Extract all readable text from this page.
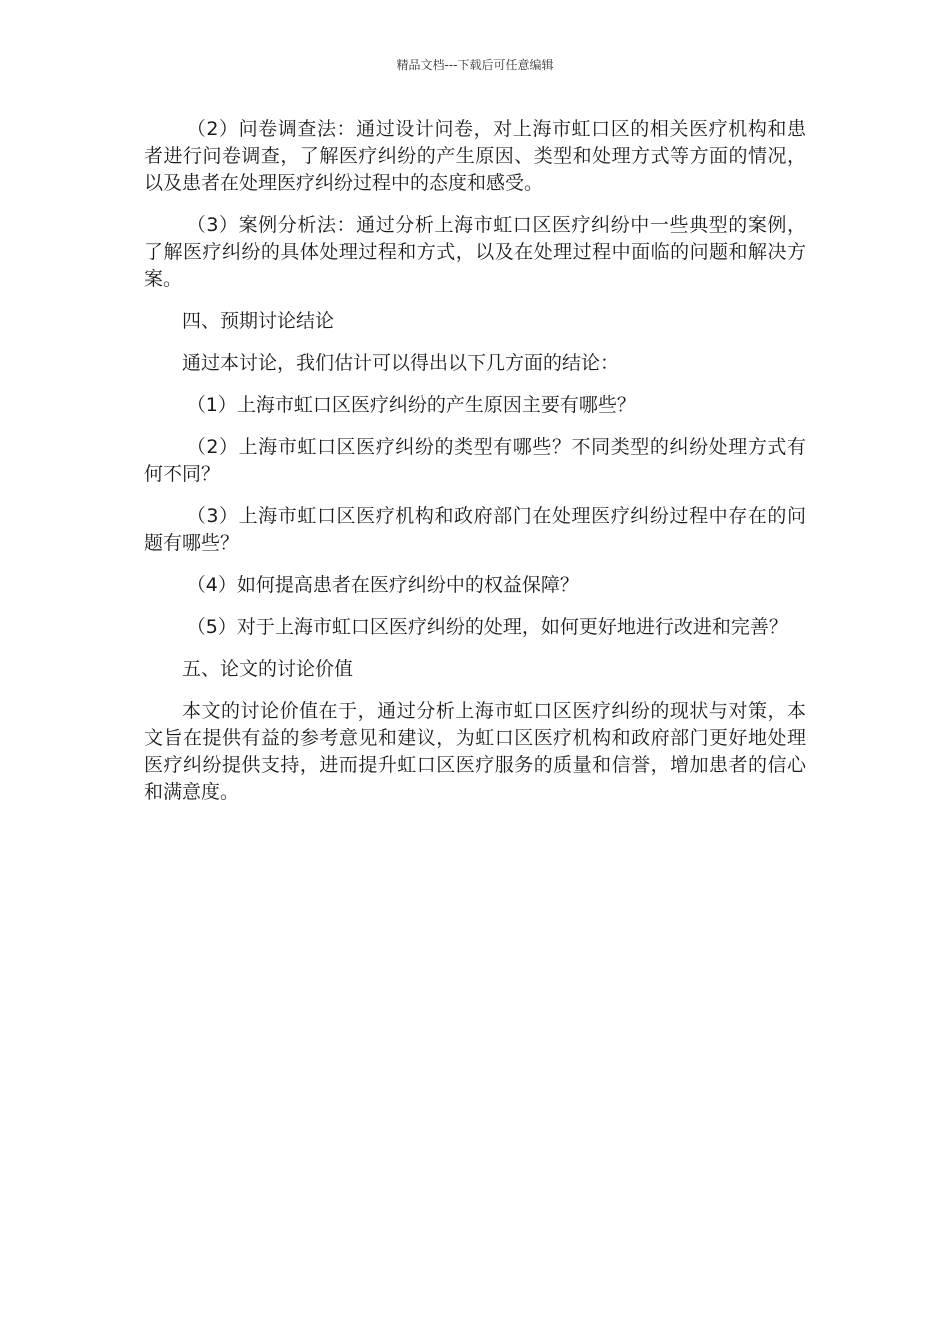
精品文档---下载后可任意编辑

（2）问卷调查法：通过设计问卷，对上海市虹口区的相关医疗机构和患者进行问卷调查，了解医疗纠纷的产生原因、类型和处理方式等方面的情况，以及患者在处理医疗纠纷过程中的态度和感受。

（3）案例分析法：通过分析上海市虹口区医疗纠纷中一些典型的案例，了解医疗纠纷的具体处理过程和方式，以及在处理过程中面临的问题和解决方案。

四、预期讨论结论

通过本讨论，我们估计可以得出以下几方面的结论：

（1）上海市虹口区医疗纠纷的产生原因主要有哪些？

（2）上海市虹口区医疗纠纷的类型有哪些？不同类型的纠纷处理方式有何不同？

（3）上海市虹口区医疗机构和政府部门在处理医疗纠纷过程中存在的问题有哪些？

（4）如何提高患者在医疗纠纷中的权益保障？

（5）对于上海市虹口区医疗纠纷的处理，如何更好地进行改进和完善？

五、论文的讨论价值

本文的讨论价值在于，通过分析上海市虹口区医疗纠纷的现状与对策，本文旨在提供有益的参考意见和建议，为虹口区医疗机构和政府部门更好地处理医疗纠纷提供支持，进而提升虹口区医疗服务的质量和信誉，增加患者的信心和满意度。
